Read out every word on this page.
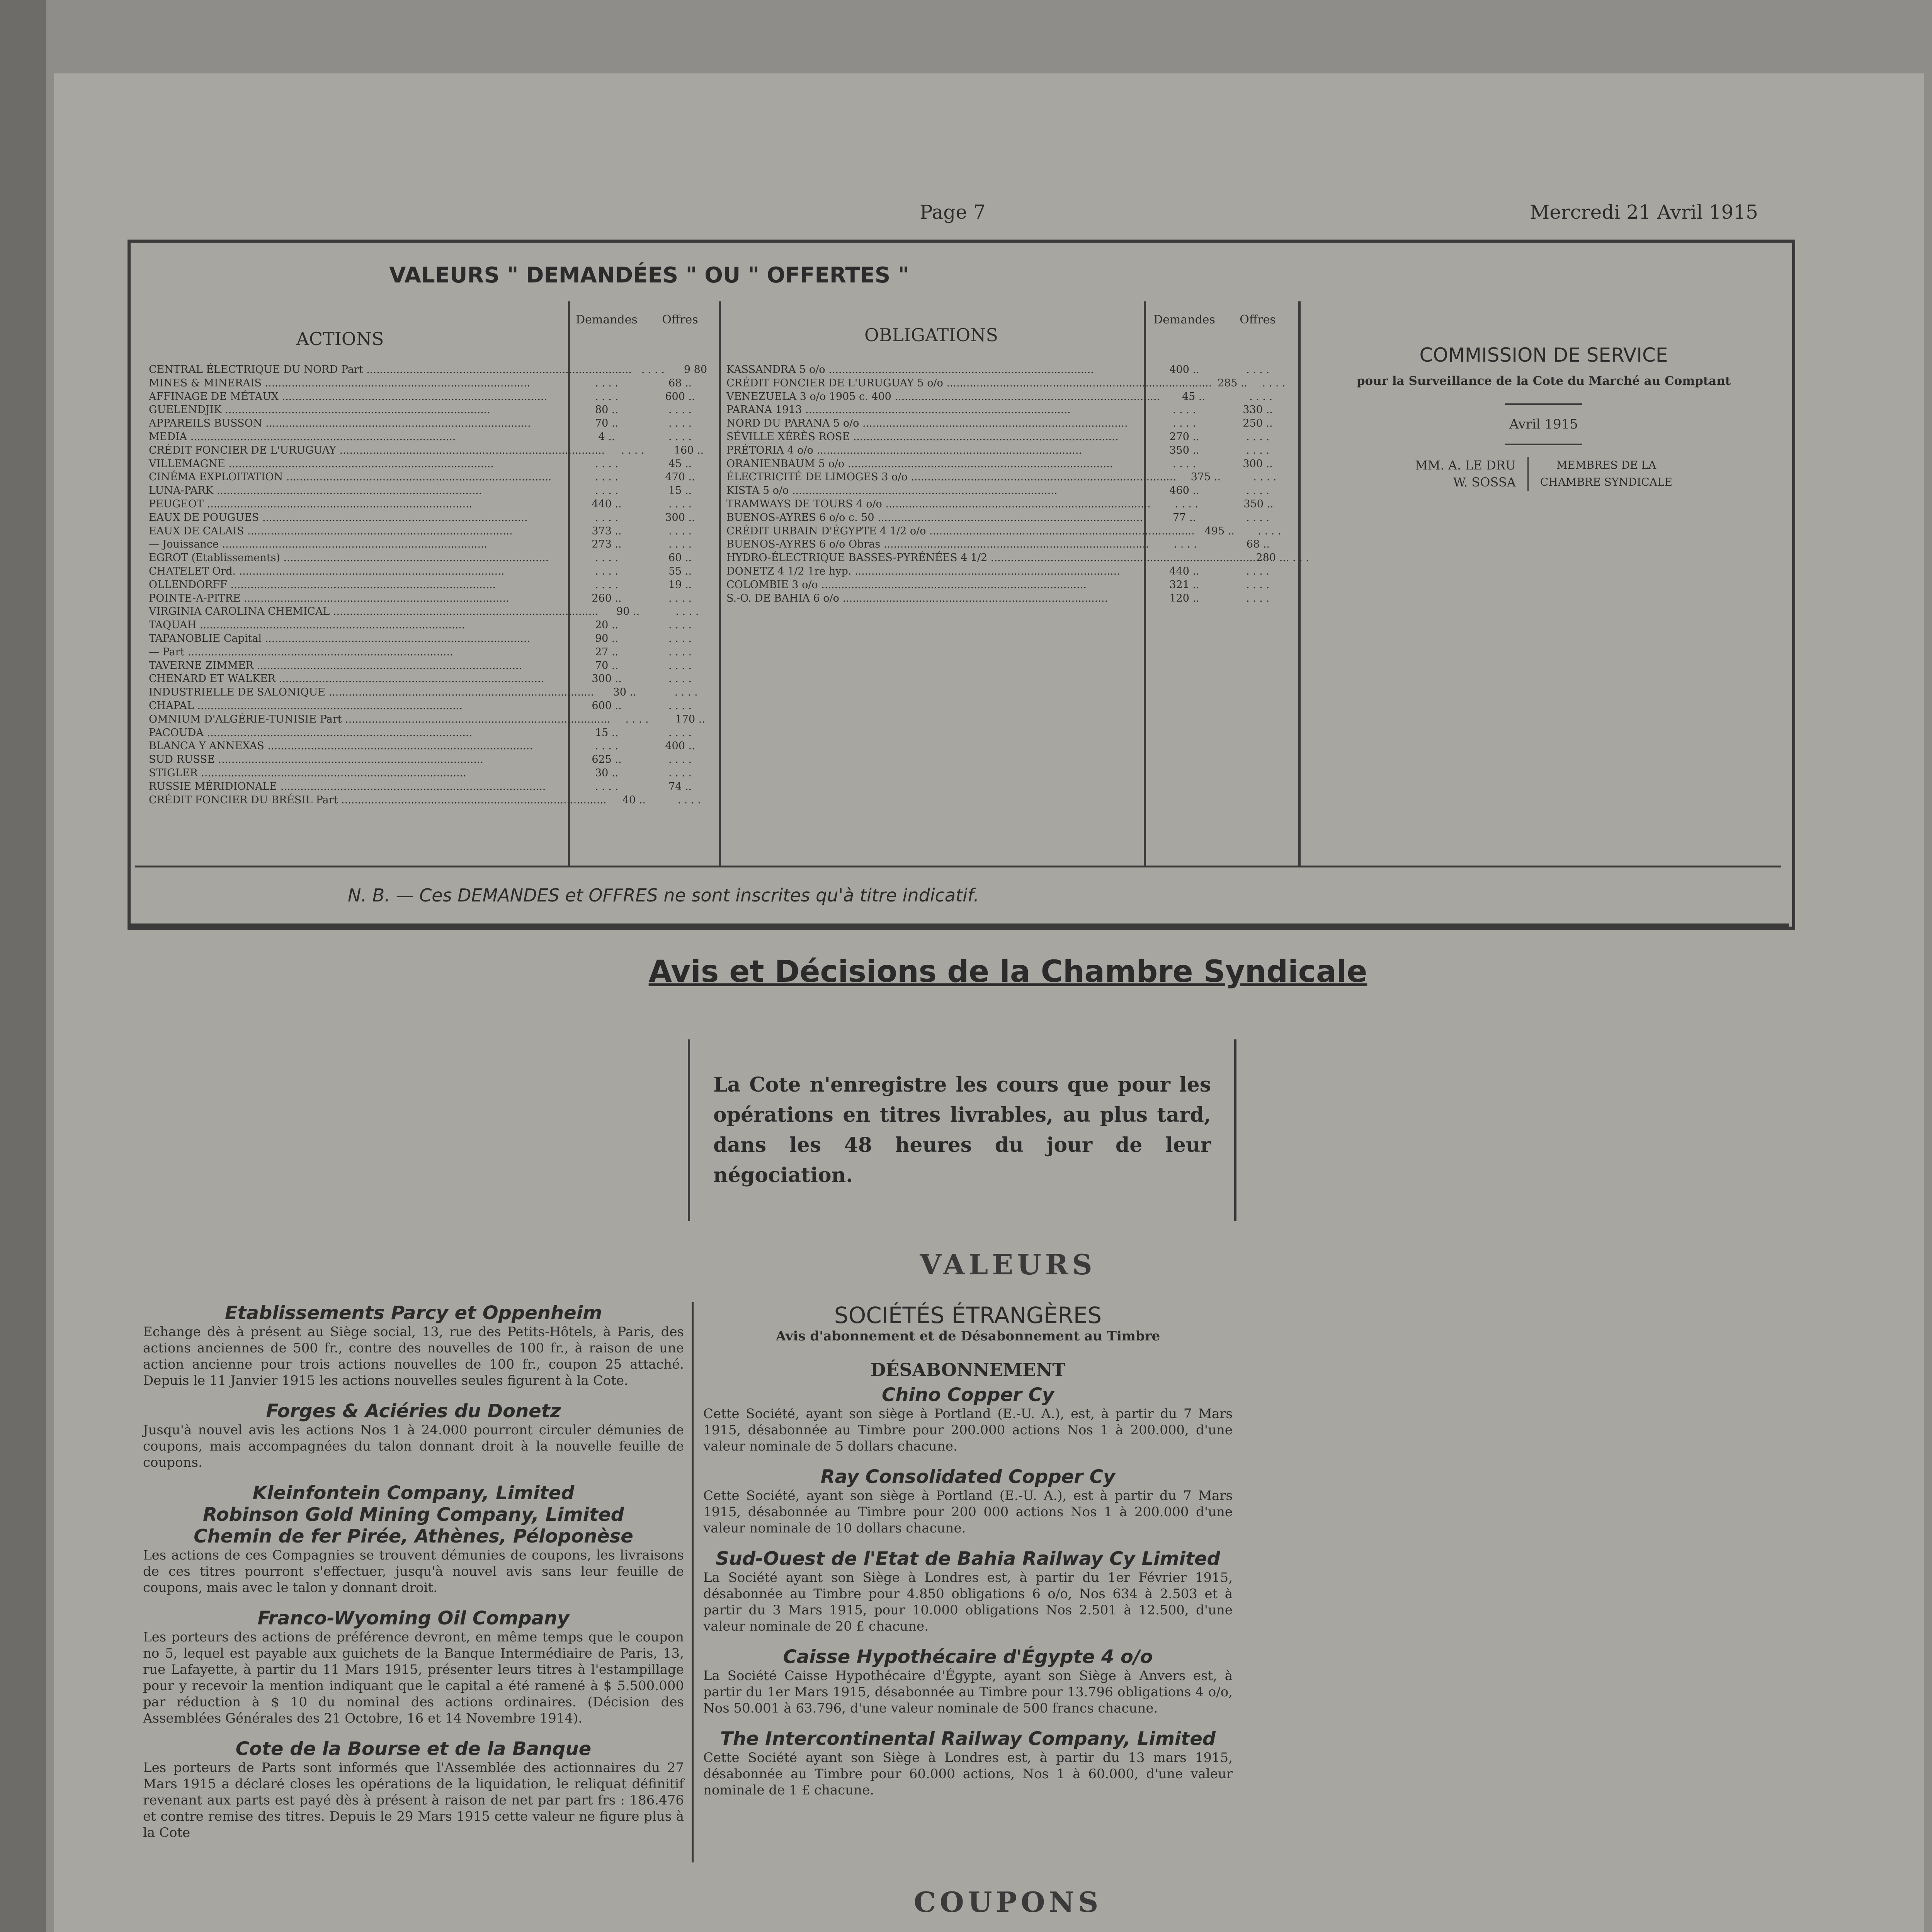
Page 7	Mercredi 21 Avril 1915
VALEURS " DEMANDÉES " OU " OFFERTES "
ACTIONS	OBLIGATIONS
Demandes	Offres	Demandes	Offres
CENTRAL ÉLECTRIQUE DU NORD Part ................................................................................ . . . .	9 80
MINES & MINERAIS ................................................................................	. . . .	68 ..
AFFINAGE DE MÉTAUX ................................................................................	. . . .	600 ..
GUELENDJIK ................................................................................	80 ..	. . . .
APPAREILS BUSSON ................................................................................	70 ..	. . . .
MEDIA ................................................................................	4 ..	. . . .
CRÉDIT FONCIER DE L'URUGUAY ................................................................................	. . . .	160 ..
VILLEMAGNE ................................................................................	. . . .	45 ..
CINÉMA EXPLOITATION ................................................................................	. . . .	470 ..
LUNA-PARK ................................................................................	. . . .	15 ..
PEUGEOT ................................................................................	440 ..	. . . .
EAUX DE POUGUES ................................................................................	. . . .	300 ..
EAUX DE CALAIS ................................................................................	373 ..	. . . .
— Jouissance ................................................................................	273 ..	. . . .
EGROT (Etablissements) ................................................................................	. . . .	60 ..
CHATELET Ord. ................................................................................	. . . .	55 ..
OLLENDORFF ................................................................................	. . . .	19 ..
POINTE-A-PITRE ................................................................................	260 ..	. . . .
VIRGINIA CAROLINA CHEMICAL ................................................................................	90 ..	. . . .
TAQUAH ................................................................................	20 ..	. . . .
TAPANOBLIE Capital ................................................................................	90 ..	. . . .
— Part ................................................................................	27 ..	. . . .
TAVERNE ZIMMER ................................................................................	70 ..	. . . .
CHENARD ET WALKER ................................................................................	300 ..	. . . .
INDUSTRIELLE DE SALONIQUE ................................................................................	30 ..	. . . .
CHAPAL ................................................................................	600 ..	. . . .
OMNIUM D'ALGÉRIE-TUNISIE Part ................................................................................	. . . .	170 ..
PACOUDA ................................................................................	15 ..	. . . .
BLANCA Y ANNEXAS ................................................................................	. . . .	400 ..
SUD RUSSE ................................................................................	625 ..	. . . .
STIGLER ................................................................................	30 ..	. . . .
RUSSIE MÉRIDIONALE ................................................................................	. . . .	74 ..
CRÉDIT FONCIER DU BRÉSIL Part ................................................................................	40 ..	. . . .
KASSANDRA 5 o/o ................................................................................	400 ..	. . . .
CRÉDIT FONCIER DE L'URUGUAY 5 o/o ................................................................................ 285 ..	. . . .
VENEZUELA 3 o/o 1905 c. 400 ................................................................................	45 ..	. . . .
PARANA 1913 ................................................................................	. . . .	330 ..
NORD DU PARANA 5 o/o ................................................................................	. . . .	250 ..
SÉVILLE XÉRÈS ROSE ................................................................................	270 ..	. . . .
PRÉTORIA 4 o/o ................................................................................	350 ..	. . . .
ORANIENBAUM 5 o/o ................................................................................	. . . .	300 ..
ÉLECTRICITÉ DE LIMOGES 3 o/o ................................................................................	375 ..	. . . .
KISTA 5 o/o ................................................................................	460 ..	. . . .
TRAMWAYS DE TOURS 4 o/o ................................................................................	. . . .	350 ..
BUENOS-AYRES 6 o/o c. 50 ................................................................................	77 ..	. . . .
CRÉDIT URBAIN D'ÉGYPTE 4 1/2 o/o ................................................................................ 495 ..	. . . .
BUENOS-AYRES 6 o/o Obras ................................................................................	. . . .	68 ..
HYDRO-ÉLECTRIQUE BASSES-PYRÉNÉES 4 1/2 ................................................................................ 280 .. . . . .
DONETZ 4 1/2 1re hyp. ................................................................................	440 ..	. . . .
COLOMBIE 3 o/o ................................................................................	321 ..	. . . .
S.-O. DE BAHIA 6 o/o ................................................................................	120 ..	. . . .
COMMISSION DE SERVICE
pour la Surveillance de la Cote du Marché au Comptant
Avril 1915
MM. A. LE DRU
W. SOSSA
MEMBRES DE LA
CHAMBRE SYNDICALE
N. B. — Ces DEMANDES et OFFRES ne sont inscrites qu'à titre indicatif.
Avis et Décisions de la Chambre Syndicale
La Cote n'enregistre les cours que pour les opérations en titres livrables, au plus tard, dans les 48 heures du jour de leur négociation.
VALEURS
Etablissements Parcy et Oppenheim

Echange dès à présent au Siège social, 13, rue des Petits-Hôtels, à Paris, des actions anciennes de 500 fr., contre des nouvelles de 100 fr., à raison de une action ancienne pour trois actions nouvelles de 100 fr., coupon 25 attaché. Depuis le 11 Janvier 1915 les actions nouvelles seules figurent à la Cote.

Forges & Aciéries du Donetz

Jusqu'à nouvel avis les actions Nos 1 à 24.000 pourront circuler démunies de coupons, mais accompagnées du talon donnant droit à la nouvelle feuille de coupons.

Kleinfontein Company, Limited
Robinson Gold Mining Company, Limited
Chemin de fer Pirée, Athènes, Péloponèse

Les actions de ces Compagnies se trouvent démunies de coupons, les livraisons de ces titres pourront s'effectuer, jusqu'à nouvel avis sans leur feuille de coupons, mais avec le talon y donnant droit.

Franco-Wyoming Oil Company

Les porteurs des actions de préférence devront, en même temps que le coupon no 5, lequel est payable aux guichets de la Banque Intermédiaire de Paris, 13, rue Lafayette, à partir du 11 Mars 1915, présenter leurs titres à l'estampillage pour y recevoir la mention indiquant que le capital a été ramené à $ 5.500.000 par réduction à $ 10 du nominal des actions ordinaires. (Décision des Assemblées Générales des 21 Octobre, 16 et 14 Novembre 1914).

Cote de la Bourse et de la Banque

Les porteurs de Parts sont informés que l'Assemblée des actionnaires du 27 Mars 1915 a déclaré closes les opérations de la liquidation, le reliquat définitif revenant aux parts est payé dès à présent à raison de net par part frs : 186.476 et contre remise des titres. Depuis le 29 Mars 1915 cette valeur ne figure plus à la Cote

SOCIÉTÉS ÉTRANGÈRES
Avis d'abonnement et de Désabonnement au Timbre
DÉSABONNEMENT
Chino Copper Cy

Cette Société, ayant son siège à Portland (E.-U. A.), est, à partir du 7 Mars 1915, désabonnée au Timbre pour 200.000 actions Nos 1 à 200.000, d'une valeur nominale de 5 dollars chacune.

Ray Consolidated Copper Cy

Cette Société, ayant son siège à Portland (E.-U. A.), est à partir du 7 Mars 1915, désabonnée au Timbre pour 200 000 actions Nos 1 à 200.000 d'une valeur nominale de 10 dollars chacune.

Sud-Ouest de l'Etat de Bahia Railway Cy Limited

La Société ayant son Siège à Londres est, à partir du 1er Février 1915, désabonnée au Timbre pour 4.850 obligations 6 o/o, Nos 634 à 2.503 et à partir du 3 Mars 1915, pour 10.000 obligations Nos 2.501 à 12.500, d'une valeur nominale de 20 £ chacune.

Caisse Hypothécaire d'Égypte 4 o/o

La Société Caisse Hypothécaire d'Égypte, ayant son Siège à Anvers est, à partir du 1er Mars 1915, désabonnée au Timbre pour 13.796 obligations 4 o/o, Nos 50.001 à 63.796, d'une valeur nominale de 500 francs chacune.

The Intercontinental Railway Company, Limited

Cette Société ayant son Siège à Londres est, à partir du 13 mars 1915, désabonnée au Timbre pour 60.000 actions, Nos 1 à 60.000, d'une valeur nominale de 1 £ chacune.

COUPONS
